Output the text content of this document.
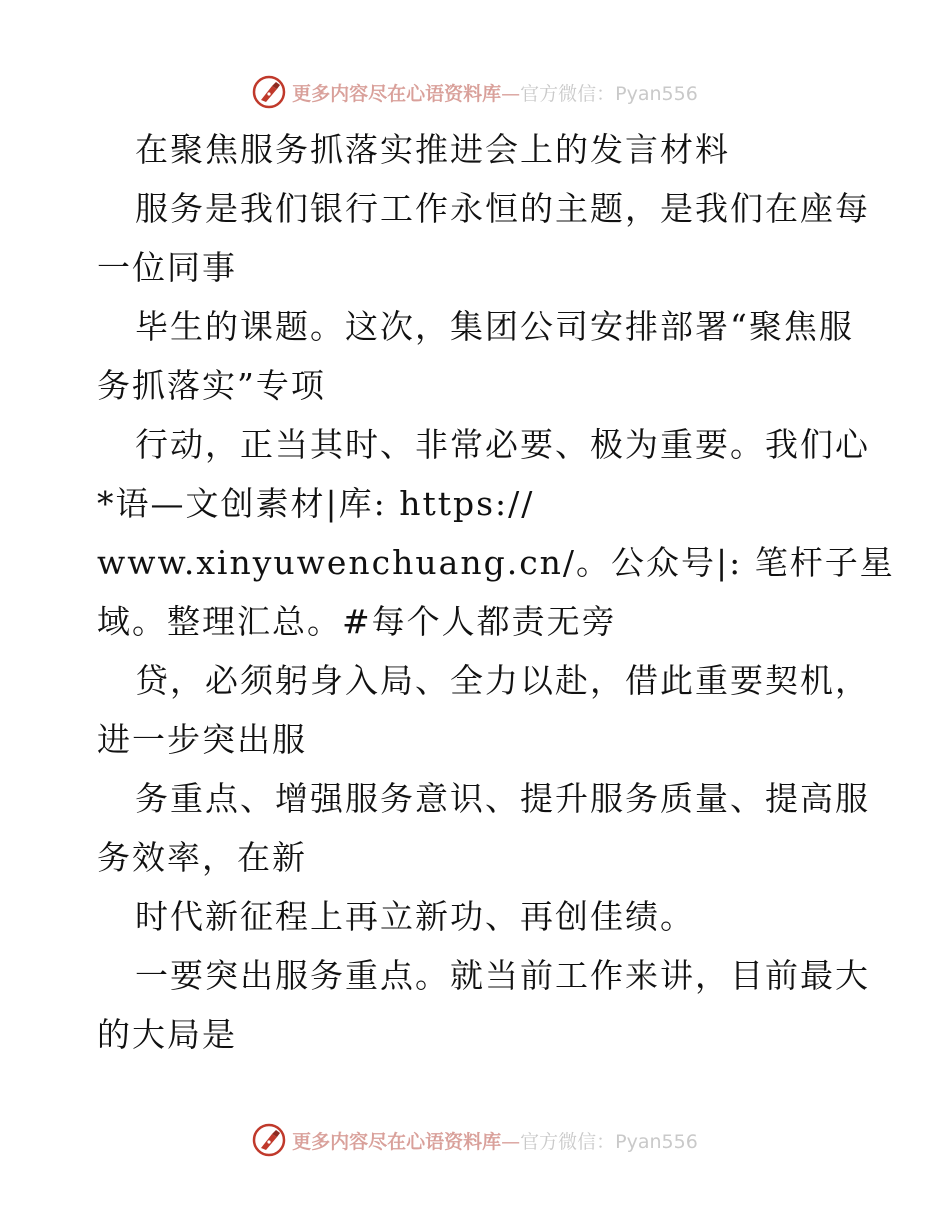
更多内容尽在心语资料库—官方微信：Pyan556
在聚焦服务抓落实推进会上的发言材料
服务是我们银行工作永恒的主题，是我们在座每
一位同事
毕生的课题。这次，集团公司安排部署“聚焦服
务抓落实”专项
行动，正当其时、非常必要、极为重要。我们心
*语—文创素材|库: https://
www.xinyuwenchuang.cn/。公众号|: 笔杆子星
域。整理汇总。#每个人都责无旁
贷，必须躬身入局、全力以赴，借此重要契机，
进一步突出服
务重点、增强服务意识、提升服务质量、提高服
务效率，在新
时代新征程上再立新功、再创佳绩。
一要突出服务重点。就当前工作来讲，目前最大
的大局是
更多内容尽在心语资料库—官方微信：Pyan556
